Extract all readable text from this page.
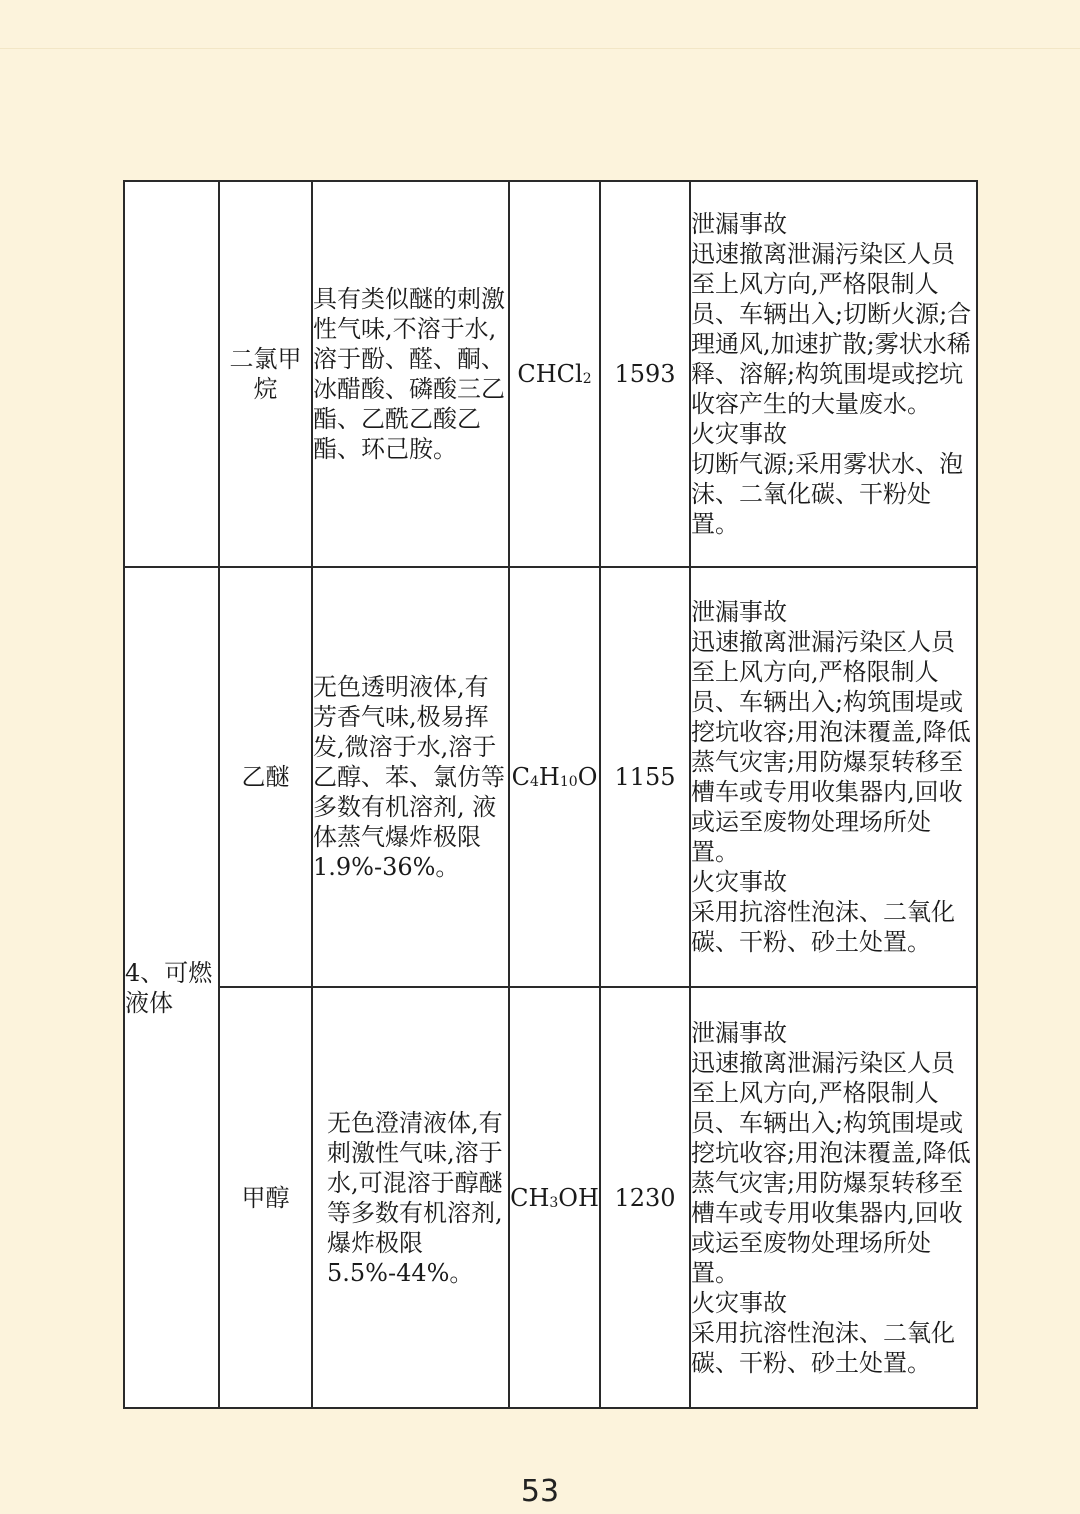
	二氯甲烷	具有类似醚的刺激性气味,不溶于水,溶于酚、醛、酮、冰醋酸、磷酸三乙酯、乙酰乙酸乙酯、环己胺。	CHCl$_2$	1593	泄漏事故
迅速撤离泄漏污染区人员至上风方向,严格限制人员、车辆出入;切断火源;合理通风,加速扩散;雾状水稀释、溶解;构筑围堤或挖坑收容产生的大量废水。
火灾事故
切断气源;采用雾状水、泡沫、二氧化碳、干粉处置。

4、可燃液体	乙醚	无色透明液体,有芳香气味,极易挥发,微溶于水,溶于乙醇、苯、氯仿等多数有机溶剂, 液体蒸气爆炸极限1.9%-36%。	$C_4H_{10}O$	1155	泄漏事故
迅速撤离泄漏污染区人员至上风方向,严格限制人员、车辆出入;构筑围堤或挖坑收容;用泡沫覆盖,降低蒸气灾害;用防爆泵转移至槽车或专用收集器内,回收或运至废物处理场所处置。
火灾事故
采用抗溶性泡沫、二氧化碳、干粉、砂土处置。

	甲醇	无色澄清液体,有刺激性气味,溶于水,可混溶于醇醚等多数有机溶剂,爆炸极限5.5%-44%。	$CH_3OH$	1230	泄漏事故
迅速撤离泄漏污染区人员至上风方向,严格限制人员、车辆出入;构筑围堤或挖坑收容;用泡沫覆盖,降低蒸气灾害;用防爆泵转移至槽车或专用收集器内,回收或运至废物处理场所处置。
火灾事故
采用抗溶性泡沫、二氧化碳、干粉、砂土处置。
53
